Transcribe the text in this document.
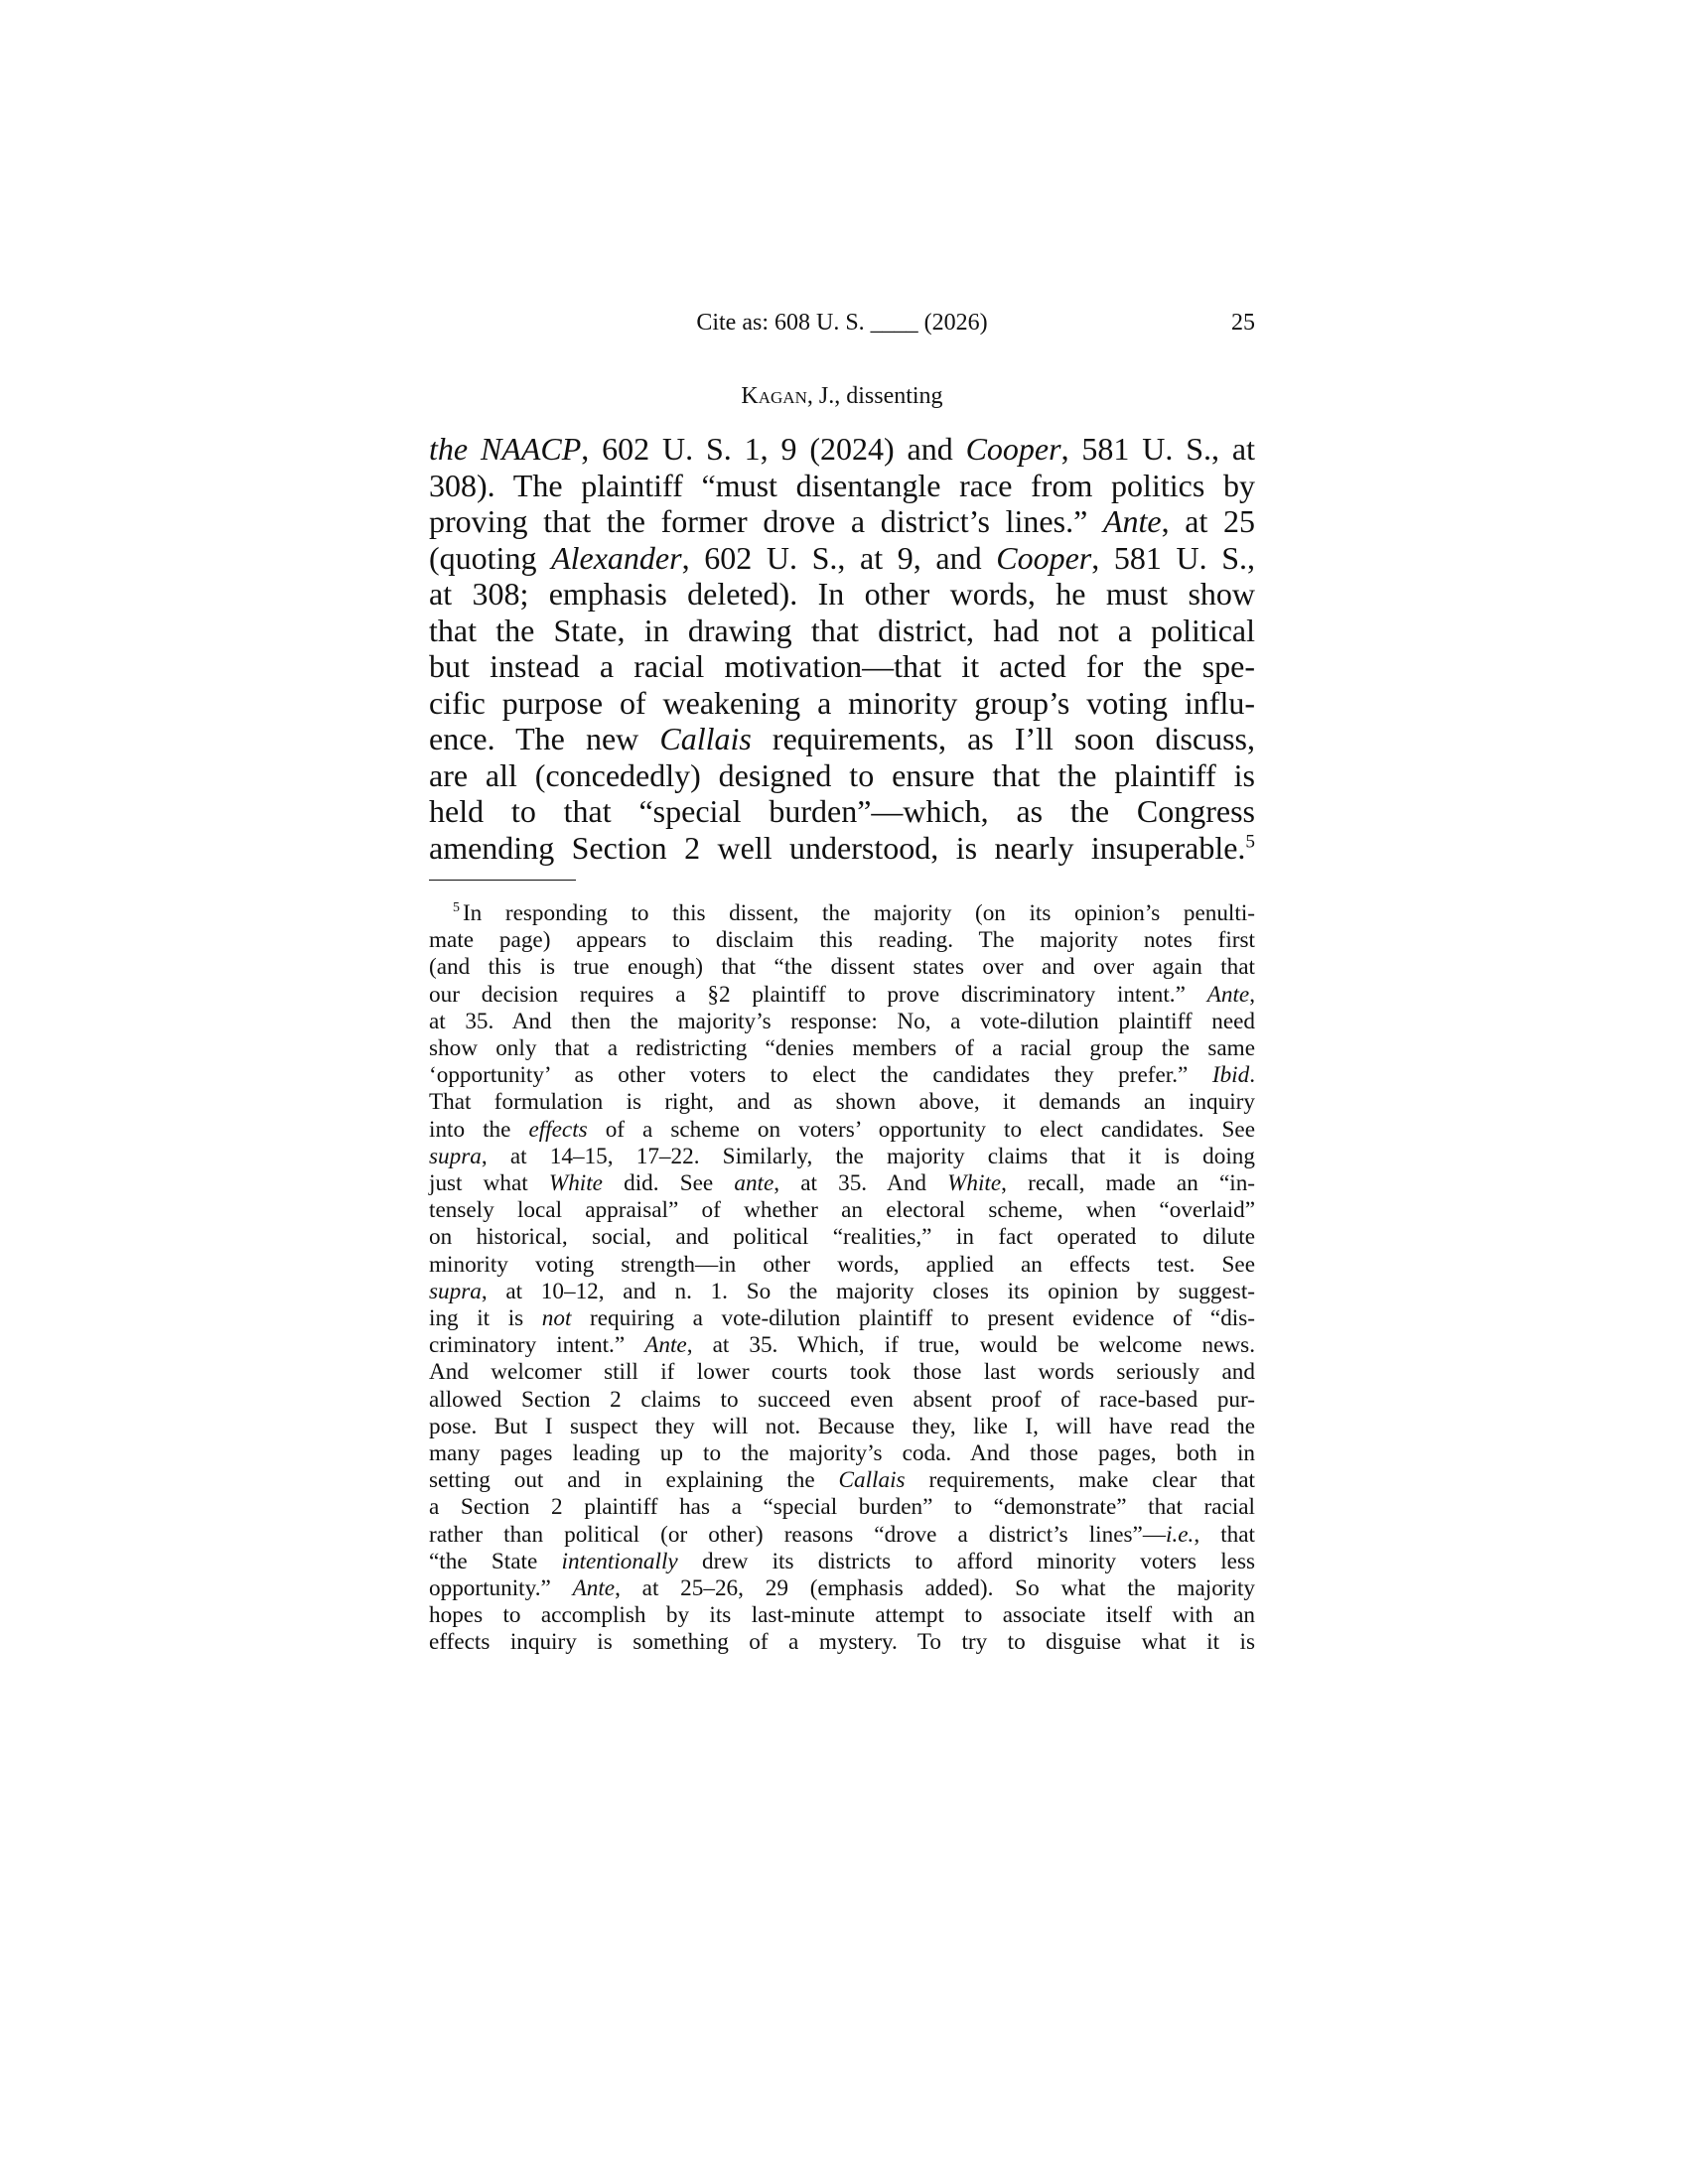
Cite as: 608 U. S. ____ (2026)	25
Kagan, J., dissenting
the NAACP, 602 U. S. 1, 9 (2024) and Cooper, 581 U. S., at
308). The plaintiff “must disentangle race from politics by
proving that the former drove a district’s lines.” Ante, at 25
(quoting Alexander, 602 U. S., at 9, and Cooper, 581 U. S.,
at 308; emphasis deleted). In other words, he must show
that the State, in drawing that district, had not a political
but instead a racial motivation—that it acted for the spe-
cific purpose of weakening a minority group’s voting influ-
ence. The new Callais requirements, as I’ll soon discuss,
are all (concededly) designed to ensure that the plaintiff is
held to that “special burden”—which, as the Congress
amending Section 2 well understood, is nearly insuperable.$^5$
$^5$ In responding to this dissent, the majority (on its opinion’s penulti-
mate page) appears to disclaim this reading. The majority notes first
(and this is true enough) that “the dissent states over and over again that
our decision requires a §2 plaintiff to prove discriminatory intent.” Ante,
at 35. And then the majority’s response: No, a vote-dilution plaintiff need
show only that a redistricting “denies members of a racial group the same
‘opportunity’ as other voters to elect the candidates they prefer.” Ibid.
That formulation is right, and as shown above, it demands an inquiry
into the effects of a scheme on voters’ opportunity to elect candidates. See
supra, at 14–15, 17–22. Similarly, the majority claims that it is doing
just what White did. See ante, at 35. And White, recall, made an “in-
tensely local appraisal” of whether an electoral scheme, when “overlaid”
on historical, social, and political “realities,” in fact operated to dilute
minority voting strength—in other words, applied an effects test. See
supra, at 10–12, and n. 1. So the majority closes its opinion by suggest-
ing it is not requiring a vote-dilution plaintiff to present evidence of “dis-
criminatory intent.” Ante, at 35. Which, if true, would be welcome news.
And welcomer still if lower courts took those last words seriously and
allowed Section 2 claims to succeed even absent proof of race-based pur-
pose. But I suspect they will not. Because they, like I, will have read the
many pages leading up to the majority’s coda. And those pages, both in
setting out and in explaining the Callais requirements, make clear that
a Section 2 plaintiff has a “special burden” to “demonstrate” that racial
rather than political (or other) reasons “drove a district’s lines”—i.e., that
“the State intentionally drew its districts to afford minority voters less
opportunity.” Ante, at 25–26, 29 (emphasis added). So what the majority
hopes to accomplish by its last-minute attempt to associate itself with an
effects inquiry is something of a mystery. To try to disguise what it is
